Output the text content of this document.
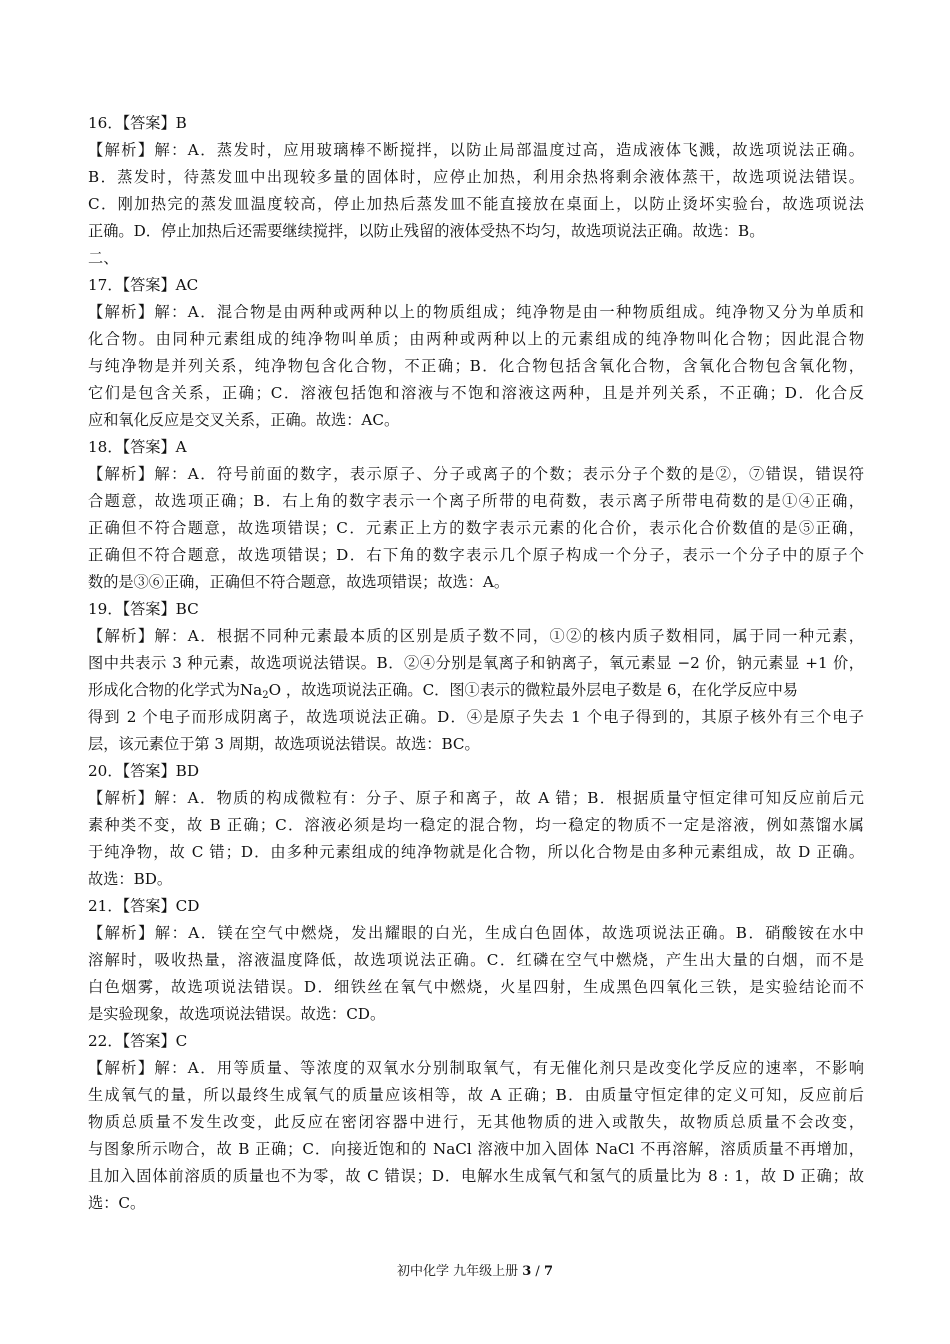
16．【答案】B
【解析】解：A．蒸发时，应用玻璃棒不断搅拌，以防止局部温度过高，造成液体飞溅，故选项说法正确。
B．蒸发时，待蒸发皿中出现较多量的固体时，应停止加热，利用余热将剩余液体蒸干，故选项说法错误。
C．刚加热完的蒸发皿温度较高，停止加热后蒸发皿不能直接放在桌面上，以防止烫坏实验台，故选项说法
正确。D．停止加热后还需要继续搅拌，以防止残留的液体受热不均匀，故选项说法正确。故选：B。
二、
17．【答案】AC
【解析】解：A．混合物是由两种或两种以上的物质组成；纯净物是由一种物质组成。纯净物又分为单质和
化合物。由同种元素组成的纯净物叫单质；由两种或两种以上的元素组成的纯净物叫化合物；因此混合物
与纯净物是并列关系，纯净物包含化合物，不正确；B．化合物包括含氧化合物，含氧化合物包含氧化物，
它们是包含关系，正确；C．溶液包括饱和溶液与不饱和溶液这两种，且是并列关系，不正确；D．化合反
应和氧化反应是交叉关系，正确。故选：AC。
18．【答案】A
【解析】解：A．符号前面的数字，表示原子、分子或离子的个数；表示分子个数的是②，⑦错误，错误符
合题意，故选项正确；B．右上角的数字表示一个离子所带的电荷数，表示离子所带电荷数的是①④正确，
正确但不符合题意，故选项错误；C．元素正上方的数字表示元素的化合价，表示化合价数值的是⑤正确，
正确但不符合题意，故选项错误；D．右下角的数字表示几个原子构成一个分子，表示一个分子中的原子个
数的是③⑥正确，正确但不符合题意，故选项错误；故选：A。
19．【答案】BC
【解析】解：A．根据不同种元素最本质的区别是质子数不同，①②的核内质子数相同，属于同一种元素，
图中共表示 3 种元素，故选项说法错误。B．②④分别是氧离子和钠离子，氧元素显 −2 价，钠元素显 +1 价，
形成化合物的化学式为$Na_2O$ ，故选项说法正确。C．图①表示的微粒最外层电子数是 6，在化学反应中易
得到 2 个电子而形成阴离子，故选项说法正确。D．④是原子失去 1 个电子得到的，其原子核外有三个电子
层，该元素位于第 3 周期，故选项说法错误。故选：BC。
20．【答案】BD
【解析】解：A．物质的构成微粒有：分子、原子和离子，故 A 错；B．根据质量守恒定律可知反应前后元
素种类不变，故 B 正确；C．溶液必须是均一稳定的混合物，均一稳定的物质不一定是溶液，例如蒸馏水属
于纯净物，故 C 错；D．由多种元素组成的纯净物就是化合物，所以化合物是由多种元素组成，故 D 正确。
故选：BD。
21．【答案】CD
【解析】解：A．镁在空气中燃烧，发出耀眼的白光，生成白色固体，故选项说法正确。B．硝酸铵在水中
溶解时，吸收热量，溶液温度降低，故选项说法正确。C．红磷在空气中燃烧，产生出大量的白烟，而不是
白色烟雾，故选项说法错误。D．细铁丝在氧气中燃烧，火星四射，生成黑色四氧化三铁，是实验结论而不
是实验现象，故选项说法错误。故选：CD。
22．【答案】C
【解析】解：A．用等质量、等浓度的双氧水分别制取氧气，有无催化剂只是改变化学反应的速率，不影响
生成氧气的量，所以最终生成氧气的质量应该相等，故 A 正确；B．由质量守恒定律的定义可知，反应前后
物质总质量不发生改变，此反应在密闭容器中进行，无其他物质的进入或散失，故物质总质量不会改变，
与图象所示吻合，故 B 正确；C．向接近饱和的 NaCl 溶液中加入固体 NaCl 不再溶解，溶质质量不再增加，
且加入固体前溶质的质量也不为零，故 C 错误；D．电解水生成氧气和氢气的质量比为 8 : 1，故 D 正确；故
选：C。
初中化学 九年级上册 3 / 7
